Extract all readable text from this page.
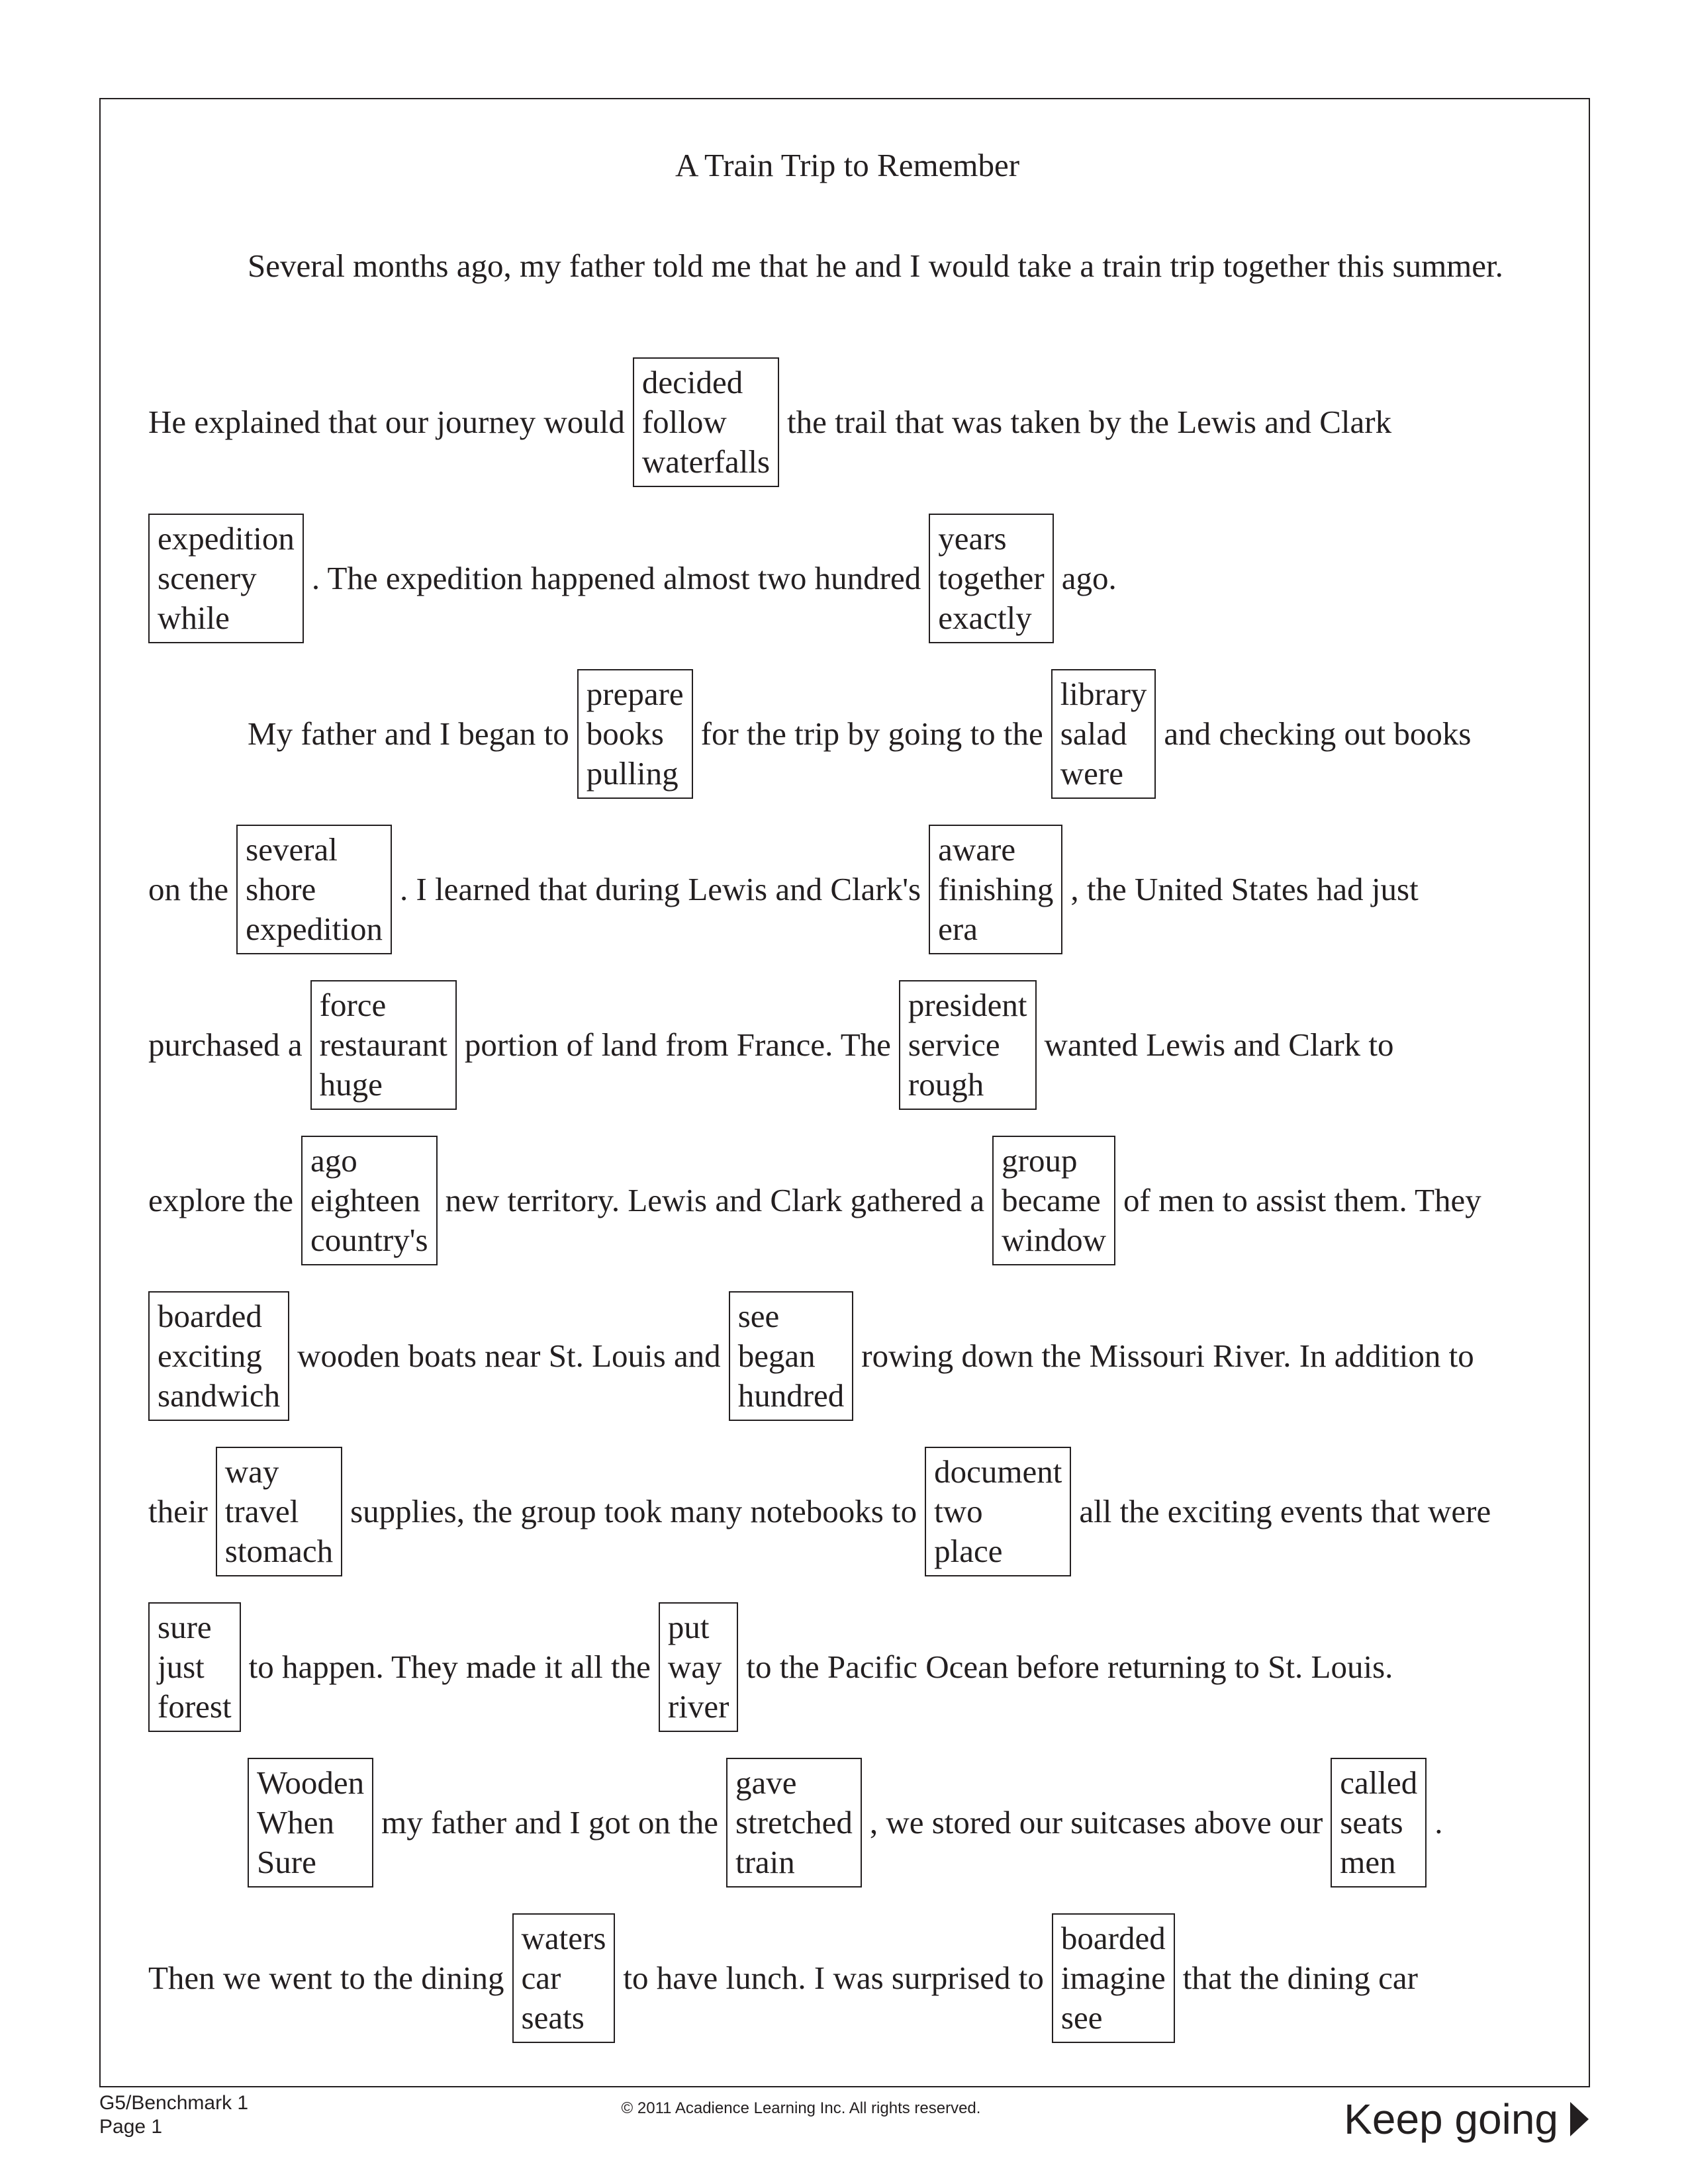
A Train Trip to Remember
Several months ago, my father told me that he and I would take a train trip together this summer.
He explained that our journey would
decided
follow
waterfalls
the trail that was taken by the Lewis and Clark
expedition
scenery
while
. The expedition happened almost two hundred
years
together
exactly
ago.
My father and I began to
prepare
books
pulling
for the trip by going to the
library
salad
were
and checking out books
on the
several
shore
expedition
. I learned that during Lewis and Clark's
aware
finishing
era
, the United States had just
purchased a
force
restaurant
huge
portion of land from France. The
president
service
rough
wanted Lewis and Clark to
explore the
ago
eighteen
country's
new territory. Lewis and Clark gathered a
group
became
window
of men to assist them. They
boarded
exciting
sandwich
wooden boats near St. Louis and
see
began
hundred
rowing down the Missouri River. In addition to
their
way
travel
stomach
supplies, the group took many notebooks to
document
two
place
all the exciting events that were
sure
just
forest
to happen. They made it all the
put
way
river
to the Pacific Ocean before returning to St. Louis.
Wooden
When
Sure
my father and I got on the
gave
stretched
train
, we stored our suitcases above our
called
seats
men
.
Then we went to the dining
waters
car
seats
to have lunch. I was surprised to
boarded
imagine
see
that the dining car
G5/Benchmark 1
Page 1
© 2011 Acadience Learning Inc. All rights reserved.	Keep going
